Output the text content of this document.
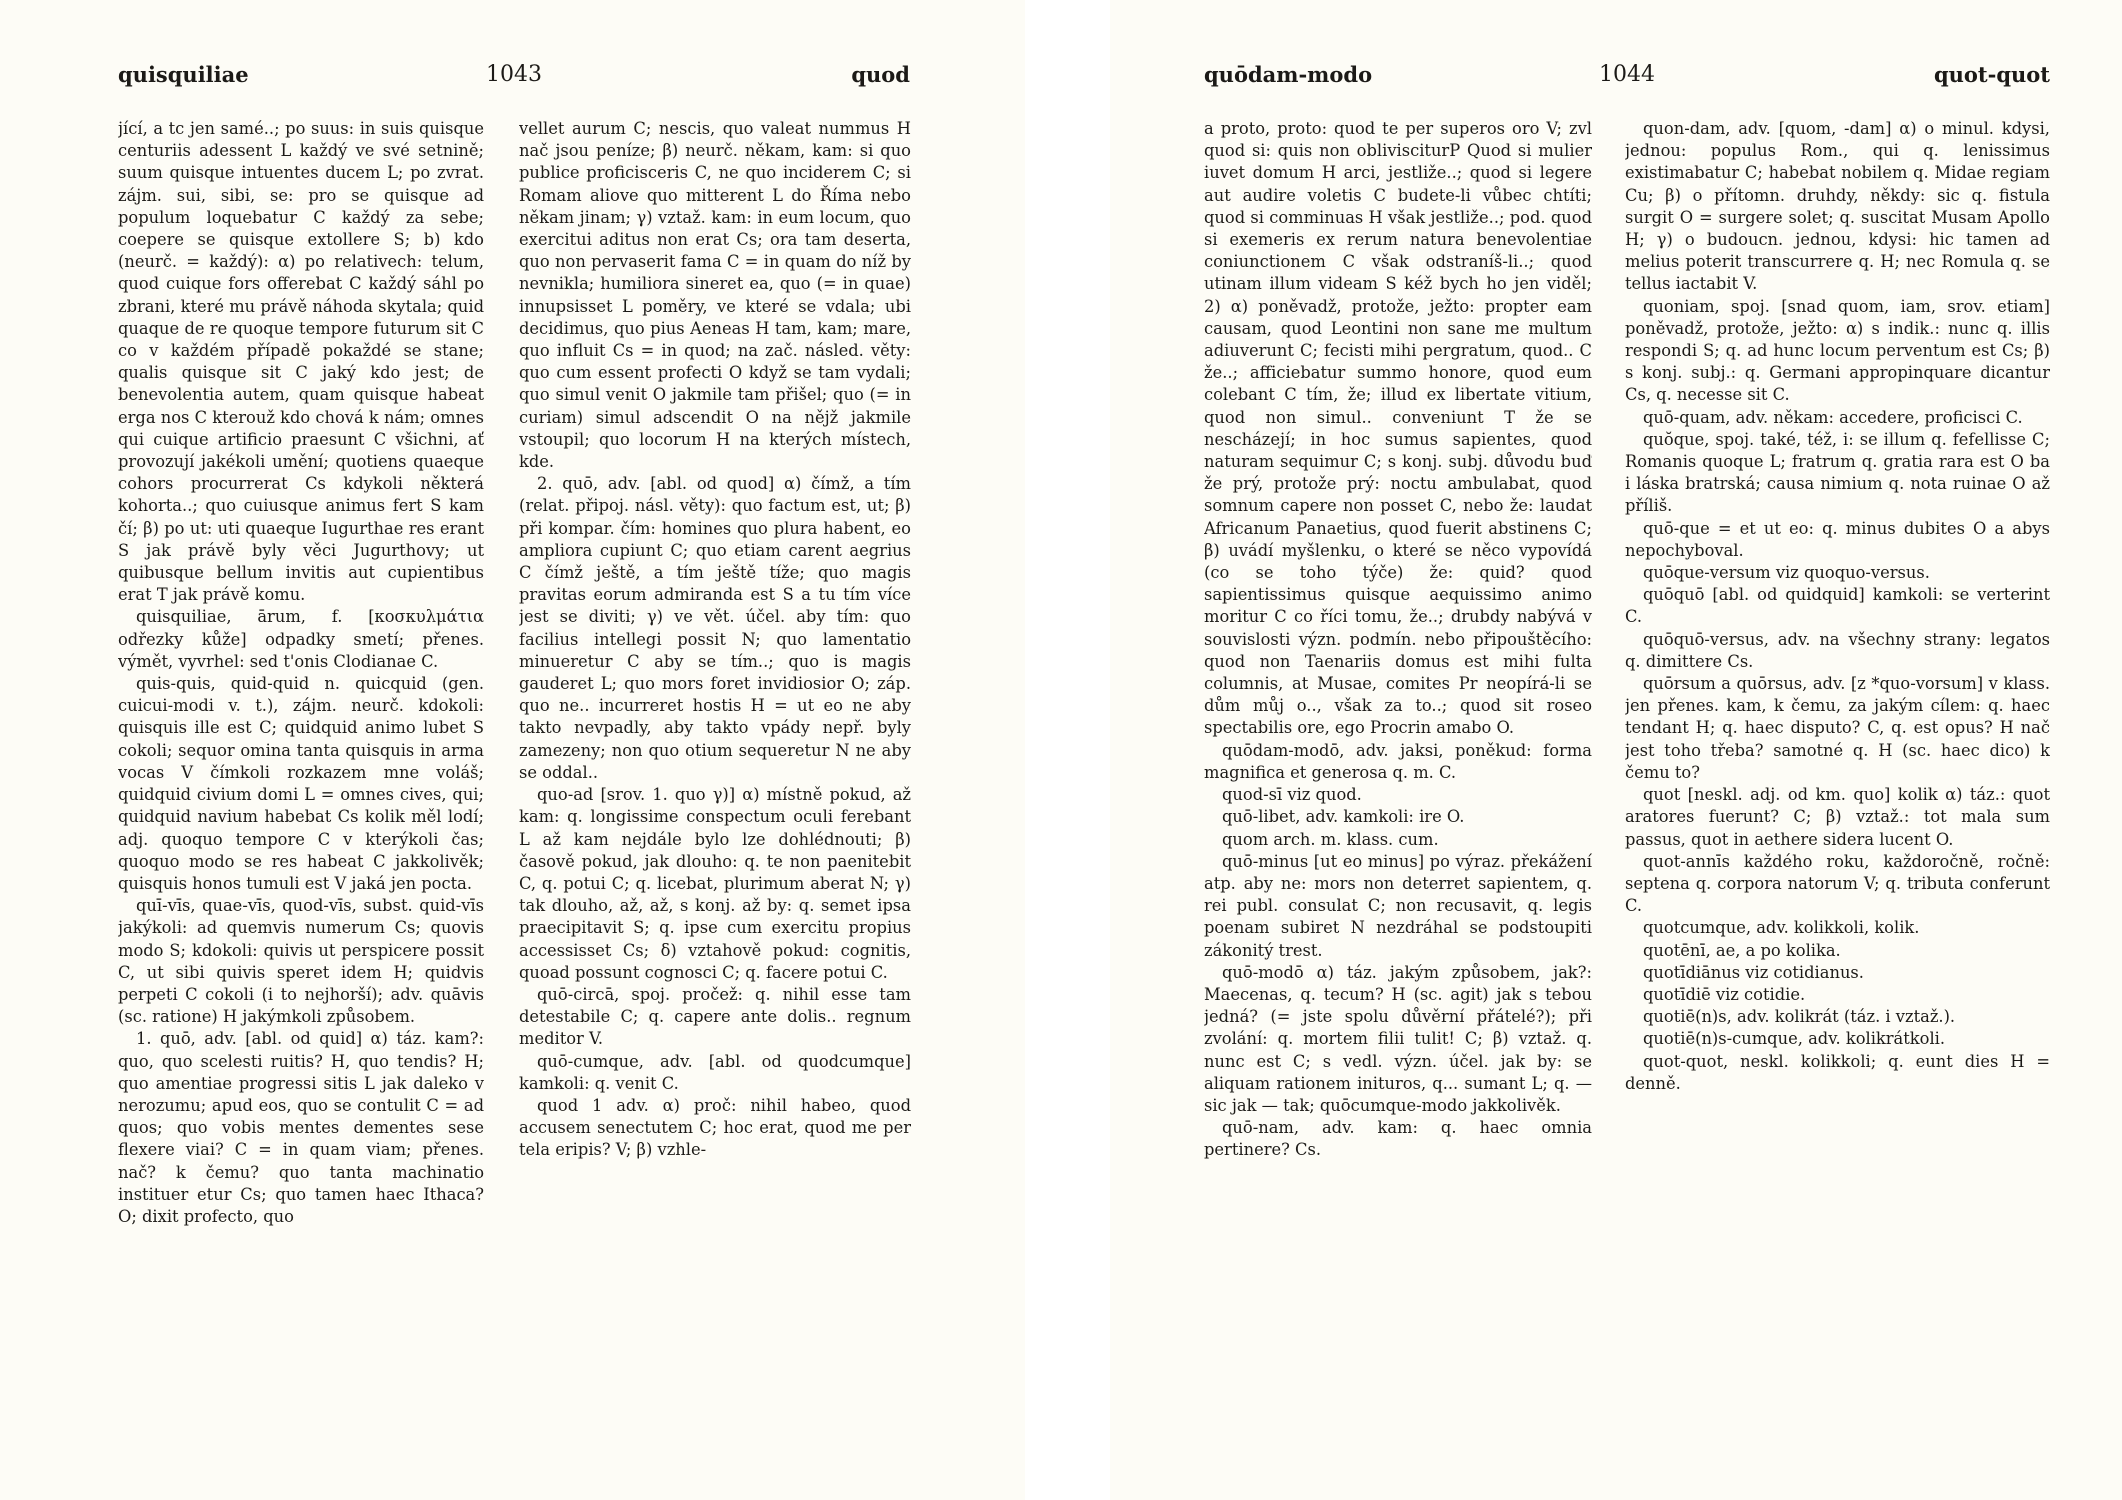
quisquiliae	1043	quod

jící, a tc jen samé..; po suus: in suis quisque centuriis adessent L každý ve své setnině; suum quisque intuentes ducem L; po zvrat. zájm. sui, sibi, se: pro se quisque ad populum loquebatur C každý za sebe; coepere se quisque extollere S; b) kdo (neurč. = každý): α) po relativech: telum, quod cuique fors offerebat C každý sáhl po zbrani, které mu právě náhoda skytala; quid quaque de re quoque tempore futurum sit C co v každém případě pokaždé se stane; qualis quisque sit C jaký kdo jest; de benevolentia autem, quam quisque habeat erga nos C kterouž kdo chová k nám; omnes qui cuique artificio praesunt C všichni, ať provozují jakékoli umění; quotiens quaeque cohors procurrerat Cs kdykoli některá kohorta..; quo cuiusque animus fert S kam čí; β) po ut: uti quaeque Iugurthae res erant S jak právě byly věci Jugurthovy; ut quibusque bellum invitis aut cupientibus erat T jak právě komu.

quisquiliae, ārum, f. [κοσκυλμάτια odřezky kůže] odpadky smetí; přenes. výmět, vyvrhel: sed t'onis Clodianae C.

quis-quis, quid-quid n. quicquid (gen. cuicui-modi v. t.), zájm. neurč. kdokoli: quisquis ille est C; quidquid animo lubet S cokoli; sequor omina tanta quisquis in arma vocas V čímkoli rozkazem mne voláš; quidquid civium domi L = omnes cives, qui; quidquid navium habebat Cs kolik měl lodí; adj. quoquo tempore C v kterýkoli čas; quoquo modo se res habeat C jakkolivěk; quisquis honos tumuli est V jaká jen pocta.

quī-vīs, quae-vīs, quod-vīs, subst. quid-vīs jakýkoli: ad quemvis numerum Cs; quovis modo S; kdokoli: quivis ut perspicere possit C, ut sibi quivis speret idem H; quidvis perpeti C cokoli (i to nejhorší); adv. quāvis (sc. ratione) H jakýmkoli způsobem.

1. quō, adv. [abl. od quid] α) táz. kam?: quo, quo scelesti ruitis? H, quo tendis? H; quo amentiae progressi sitis L jak daleko v nerozumu; apud eos, quo se contulit C = ad quos; quo vobis mentes dementes sese flexere viai? C = in quam viam; přenes. nač? k čemu? quo tanta machinatio instituer etur Cs; quo tamen haec Ithaca? O; dixit profecto, quo

vellet aurum C; nescis, quo valeat nummus H nač jsou peníze; β) neurč. někam, kam: si quo publice proficisceris C, ne quo inciderem C; si Romam aliove quo mitterent L do Říma nebo někam jinam; γ) vztaž. kam: in eum locum, quo exercitui aditus non erat Cs; ora tam deserta, quo non pervaserit fama C = in quam do níž by nevnikla; humiliora sineret ea, quo (= in quae) innupsisset L poměry, ve které se vdala; ubi decidimus, quo pius Aeneas H tam, kam; mare, quo influit Cs = in quod; na zač. násled. věty: quo cum essent profecti O když se tam vydali; quo simul venit O jakmile tam přišel; quo (= in curiam) simul adscendit O na nějž jakmile vstoupil; quo locorum H na kterých místech, kde.

2. quō, adv. [abl. od quod] α) čímž, a tím (relat. připoj. násl. věty): quo factum est, ut; β) při kompar. čím: homines quo plura habent, eo ampliora cupiunt C; quo etiam carent aegrius C čímž ještě, a tím ještě tíže; quo magis pravitas eorum admiranda est S a tu tím více jest se diviti; γ) ve vět. účel. aby tím: quo facilius intellegi possit N; quo lamentatio minueretur C aby se tím..; quo is magis gauderet L; quo mors foret invidiosior O; záp. quo ne.. incurreret hostis H = ut eo ne aby takto nevpadly, aby takto vpády nepř. byly zamezeny; non quo otium sequeretur N ne aby se oddal..

quo-ad [srov. 1. quo γ)] α) místně pokud, až kam: q. longissime conspectum oculi ferebant L až kam nejdále bylo lze dohlédnouti; β) časově pokud, jak dlouho: q. te non paenitebit C, q. potui C; q. licebat, plurimum aberat N; γ) tak dlouho, až, až, s konj. až by: q. semet ipsa praecipitavit S; q. ipse cum exercitu propius accessisset Cs; δ) vztahově pokud: cognitis, quoad possunt cognosci C; q. facere potui C.

quō-circā, spoj. pročež: q. nihil esse tam detestabile C; q. capere ante dolis.. regnum meditor V.

quō-cumque, adv. [abl. od quodcumque] kamkoli: q. venit C.

quod 1 adv. α) proč: nihil habeo, quod accusem senectutem C; hoc erat, quod me per tela eripis? V; β) vzhle-

quōdam-modo	1044	quot-quot

a proto, proto: quod te per superos oro V; zvl quod si: quis non oblivisciturP Quod si mulier iuvet domum H arci, jestliže..; quod si legere aut audire voletis C budete-li vůbec chtíti; quod si comminuas H však jestliže..; pod. quod si exemeris ex rerum natura benevolentiae coniunctionem C však odstraníš-li..; quod utinam illum videam S kéž bych ho jen viděl; 2) α) poněvadž, protože, ježto: propter eam causam, quod Leontini non sane me multum adiuverunt C; fecisti mihi pergratum, quod.. C že..; afficiebatur summo honore, quod eum colebant C tím, že; illud ex libertate vitium, quod non simul.. conveniunt T že se nescházejí; in hoc sumus sapientes, quod naturam sequimur C; s konj. subj. důvodu buď že prý, protože prý: noctu ambulabat, quod somnum capere non posset C, nebo že: laudat Africanum Panaetius, quod fuerit abstinens C; β) uvádí myšlenku, o které se něco vypovídá (co se toho týče) že: quid? quod sapientissimus quisque aequissimo animo moritur C co říci tomu, že..; drubdy nabývá v souvislosti význ. podmín. nebo připouštěcího: quod non Taenariis domus est mihi fulta columnis, at Musae, comites Pr neopírá-li se dům můj o.., však za to..; quod sit roseo spectabilis ore, ego Procrin amabo O.

quōdam-modō, adv. jaksi, poněkud: forma magnifica et generosa q. m. C.

quod-sī viz quod.

quō-libet, adv. kamkoli: ire O.

quom arch. m. klass. cum.

quō-minus [ut eo minus] po výraz. překážení atp. aby ne: mors non deterret sapientem, q. rei publ. consulat C; non recusavit, q. legis poenam subiret N nezdráhal se podstoupiti zákonitý trest.

quō-modō α) táz. jakým způsobem, jak?: Maecenas, q. tecum? H (sc. agit) jak s tebou jedná? (= jste spolu důvěrní přátelé?); při zvolání: q. mortem filii tulit! C; β) vztaž. q. nunc est C; s vedl. význ. účel. jak by: se aliquam rationem inituros, q... sumant L; q. — sic jak — tak; quōcumque-modo jakkolivěk.

quō-nam, adv. kam: q. haec omnia pertinere? Cs.

quon-dam, adv. [quom, -dam] α) o minul. kdysi, jednou: populus Rom., qui q. lenissimus existimabatur C; habebat nobilem q. Midae regiam Cu; β) o přítomn. druhdy, někdy: sic q. fistula surgit O = surgere solet; q. suscitat Musam Apollo H; γ) o budoucn. jednou, kdysi: hic tamen ad melius poterit transcurrere q. H; nec Romula q. se tellus iactabit V.

quoniam, spoj. [snad quom, iam, srov. etiam] poněvadž, protože, ježto: α) s indik.: nunc q. illis respondi S; q. ad hunc locum perventum est Cs; β) s konj. subj.: q. Germani appropinquare dicantur Cs, q. necesse sit C.

quō-quam, adv. někam: accedere, proficisci C.

quŏque, spoj. také, též, i: se illum q. fefellisse C; Romanis quoque L; fratrum q. gratia rara est O ba i láska bratrská; causa nimium q. nota ruinae O až příliš.

quō-que = et ut eo: q. minus dubites O a abys nepochyboval.

quōque-versum viz quoquo-versus.

quōquō [abl. od quidquid] kamkoli: se verterint C.

quōquō-versus, adv. na všechny strany: legatos q. dimittere Cs.

quōrsum a quōrsus, adv. [z *quo-vorsum] v klass. jen přenes. kam, k čemu, za jakým cílem: q. haec tendant H; q. haec disputo? C, q. est opus? H nač jest toho třeba? samotné q. H (sc. haec dico) k čemu to?

quot [neskl. adj. od km. quo] kolik α) táz.: quot aratores fuerunt? C; β) vztaž.: tot mala sum passus, quot in aethere sidera lucent O.

quot-annīs každého roku, každoročně, ročně: septena q. corpora natorum V; q. tributa conferunt C.

quotcumque, adv. kolikkoli, kolik.

quotēnī, ae, a po kolika.

quotīdiānus viz cotidianus.

quotīdiē viz cotidie.

quotiē(n)s, adv. kolikrát (táz. i vztaž.).

quotiē(n)s-cumque, adv. kolikrátkoli.

quot-quot, neskl. kolikkoli; q. eunt dies H = denně.
